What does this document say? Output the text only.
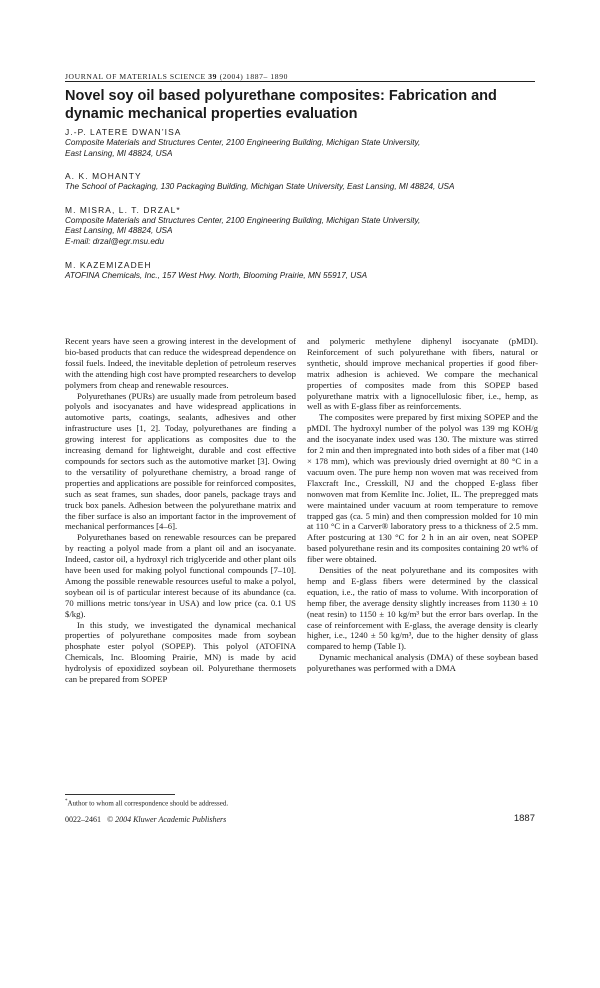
JOURNAL OF MATERIALS SCIENCE 39 (2004) 1887– 1890
Novel soy oil based polyurethane composites: Fabrication and dynamic mechanical properties evaluation
J.-P. LATERE DWAN’ISA
Composite Materials and Structures Center, 2100 Engineering Building, Michigan State University,
East Lansing, MI 48824, USA
A. K. MOHANTY
The School of Packaging, 130 Packaging Building, Michigan State University, East Lansing, MI 48824, USA
M. MISRA, L. T. DRZAL*
Composite Materials and Structures Center, 2100 Engineering Building, Michigan State University,
East Lansing, MI 48824, USA
E-mail: drzal@egr.msu.edu
M. KAZEMIZADEH
ATOFINA Chemicals, Inc., 157 West Hwy. North, Blooming Prairie, MN 55917, USA

Recent years have seen a growing interest in the development of bio-based products that can reduce the widespread dependence on fossil fuels. Indeed, the inevitable depletion of petroleum reserves with the attending high cost have prompted researchers to develop polymers from cheap and renewable resources.

Polyurethanes (PURs) are usually made from petroleum based polyols and isocyanates and have widespread applications in automotive parts, coatings, sealants, adhesives and other infrastructure uses [1, 2]. Today, polyurethanes are finding a growing interest for applications as composites due to the increasing demand for lightweight, durable and cost effective compounds for sectors such as the automotive market [3]. Owing to the versatility of polyurethane chemistry, a broad range of properties and applications are possible for reinforced composites, such as seat frames, sun shades, door panels, package trays and truck box panels. Adhesion between the polyurethane matrix and the fiber surface is also an important factor in the improvement of mechanical performances [4–6].

Polyurethanes based on renewable resources can be prepared by reacting a polyol made from a plant oil and an isocyanate. Indeed, castor oil, a hydroxyl rich triglyceride and other plant oils have been used for making polyol functional compounds [7–10]. Among the possible renewable resources useful to make a polyol, soybean oil is of particular interest because of its abundance (ca. 70 millions metric tons/year in USA) and low price (ca. 0.1 US $/kg).

In this study, we investigated the dynamical mechanical properties of polyurethane composites made from soybean phosphate ester polyol (SOPEP). This polyol (ATOFINA Chemicals, Inc. Blooming Prairie, MN) is made by acid hydrolysis of epoxidized soybean oil. Polyurethane thermosets can be prepared from SOPEP

and polymeric methylene diphenyl isocyanate (pMDI). Reinforcement of such polyurethane with fibers, natural or synthetic, should improve mechanical properties if good fiber-matrix adhesion is achieved. We compare the mechanical properties of composites made from this SOPEP based polyurethane matrix with a lignocellulosic fiber, i.e., hemp, as well as with E-glass fiber as reinforcements.

The composites were prepared by first mixing SOPEP and the pMDI. The hydroxyl number of the polyol was 139 mg KOH/g and the isocyanate index used was 130. The mixture was stirred for 2 min and then impregnated into both sides of a fiber mat (140 × 178 mm), which was previously dried overnight at 80 °C in a vacuum oven. The pure hemp non woven mat was received from Flaxcraft Inc., Cresskill, NJ and the chopped E-glass fiber nonwoven mat from Kemlite Inc. Joliet, IL. The prepregged mats were maintained under vacuum at room temperature to remove trapped gas (ca. 5 min) and then compression molded for 10 min at 110 °C in a Carver® laboratory press to a thickness of 2.5 mm. After postcuring at 130 °C for 2 h in an air oven, neat SOPEP based polyurethane resin and its composites containing 20 wt% of fiber were obtained.

Densities of the neat polyurethane and its composites with hemp and E-glass fibers were determined by the classical equation, i.e., the ratio of mass to volume. With incorporation of hemp fiber, the average density slightly increases from 1130 ± 10 (neat resin) to 1150 ± 10 kg/m³ but the error bars overlap. In the case of reinforcement with E-glass, the average density is clearly higher, i.e., 1240 ± 50 kg/m³, due to the higher density of glass compared to hemp (Table I).

Dynamic mechanical analysis (DMA) of these soybean based polyurethanes was performed with a DMA

*Author to whom all correspondence should be addressed.
0022–2461 © 2004 Kluwer Academic Publishers	1887
